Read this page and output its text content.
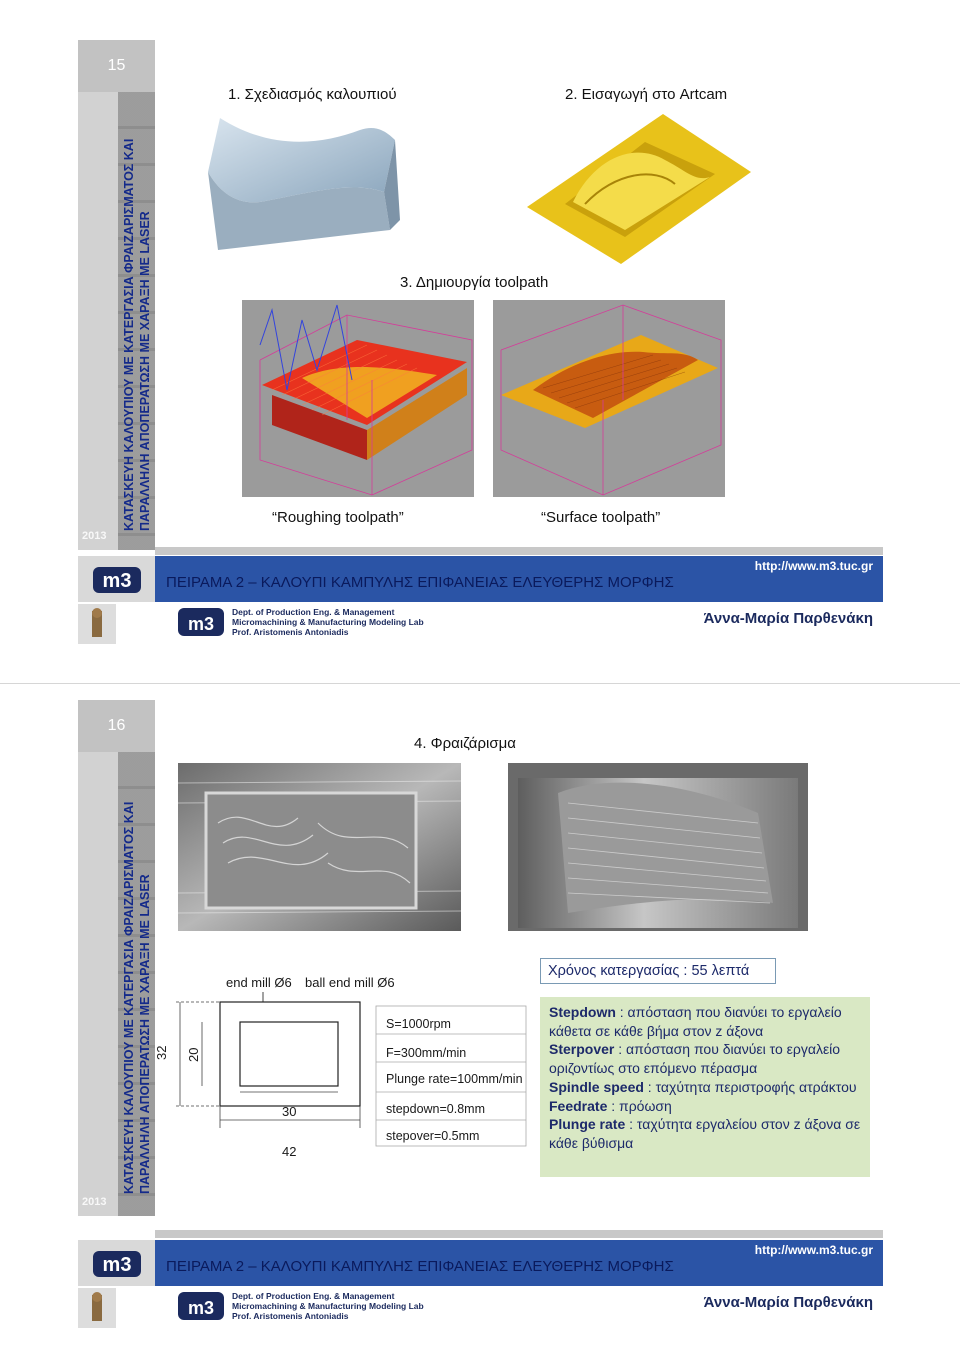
15
ΚΑΤΑΣΚΕΥΗ ΚΑΛΟΥΠΙΟΥ ΜΕ ΚΑΤΕΡΓΑΣΙΑ ΦΡΑΙΖΑΡΙΣΜΑΤΟΣ ΚΑΙ ΠΑΡΑΛΛΗΛΗ ΑΠΟΠΕΡΑΤΩΣΗ ΜΕ ΧΑΡΑΞΗ ΜΕ LASER
2013
1. Σχεδιασμός καλουπιού	2. Εισαγωγή στο Artcam
3. Δημιουργία toolpath
“Roughing toolpath”	“Surface toolpath”
m3 ΠΕΙΡΑΜΑ 2 – ΚΑΛΟΥΠΙ ΚΑΜΠΥΛΗΣ ΕΠΙΦΑΝΕΙΑΣ ΕΛΕΥΘΕΡΗΣ ΜΟΡΦΗΣ
http://www.m3.tuc.gr
m3
Dept. of Production Eng. & Management
Micromachining & Manufacturing Modeling Lab
Prof. Aristomenis Antoniadis
Άννα-Μαρία Παρθενάκη
16
ΚΑΤΑΣΚΕΥΗ ΚΑΛΟΥΠΙΟΥ ΜΕ ΚΑΤΕΡΓΑΣΙΑ ΦΡΑΙΖΑΡΙΣΜΑΤΟΣ ΚΑΙ ΠΑΡΑΛΛΗΛΗ ΑΠΟΠΕΡΑΤΩΣΗ ΜΕ ΧΑΡΑΞΗ ΜΕ LASER
2013
m3 ΠΕΙΡΑΜΑ 2 – ΚΑΛΟΥΠΙ ΚΑΜΠΥΛΗΣ ΕΠΙΦΑΝΕΙΑΣ ΕΛΕΥΘΕΡΗΣ ΜΟΡΦΗΣ
http://www.m3.tuc.gr
m3
Dept. of Production Eng. & Management
Micromachining & Manufacturing Modeling Lab
Prof. Aristomenis Antoniadis
Άννα-Μαρία Παρθενάκη
4. Φραιζάρισμα
Χρόνος κατεργασίας : 55 λεπτά
end mill Ø6 ball end mill Ø6
32 20
30
42
S=1000rpm
F=300mm/min
Plunge rate=100mm/min
stepdown=0.8mm
stepover=0.5mm
Stepdown : απόσταση που διανύει το εργαλείο κάθετα σε κάθε βήμα στον z άξονα
Sterpover : απόσταση που διανύει το εργαλείο οριζοντίως στο επόμενο πέρασμα
Spindle speed : ταχύτητα περιστροφής ατράκτου
Feedrate : πρόωση
Plunge rate : ταχύτητα εργαλείου στον z άξονα σε κάθε βύθισμα
